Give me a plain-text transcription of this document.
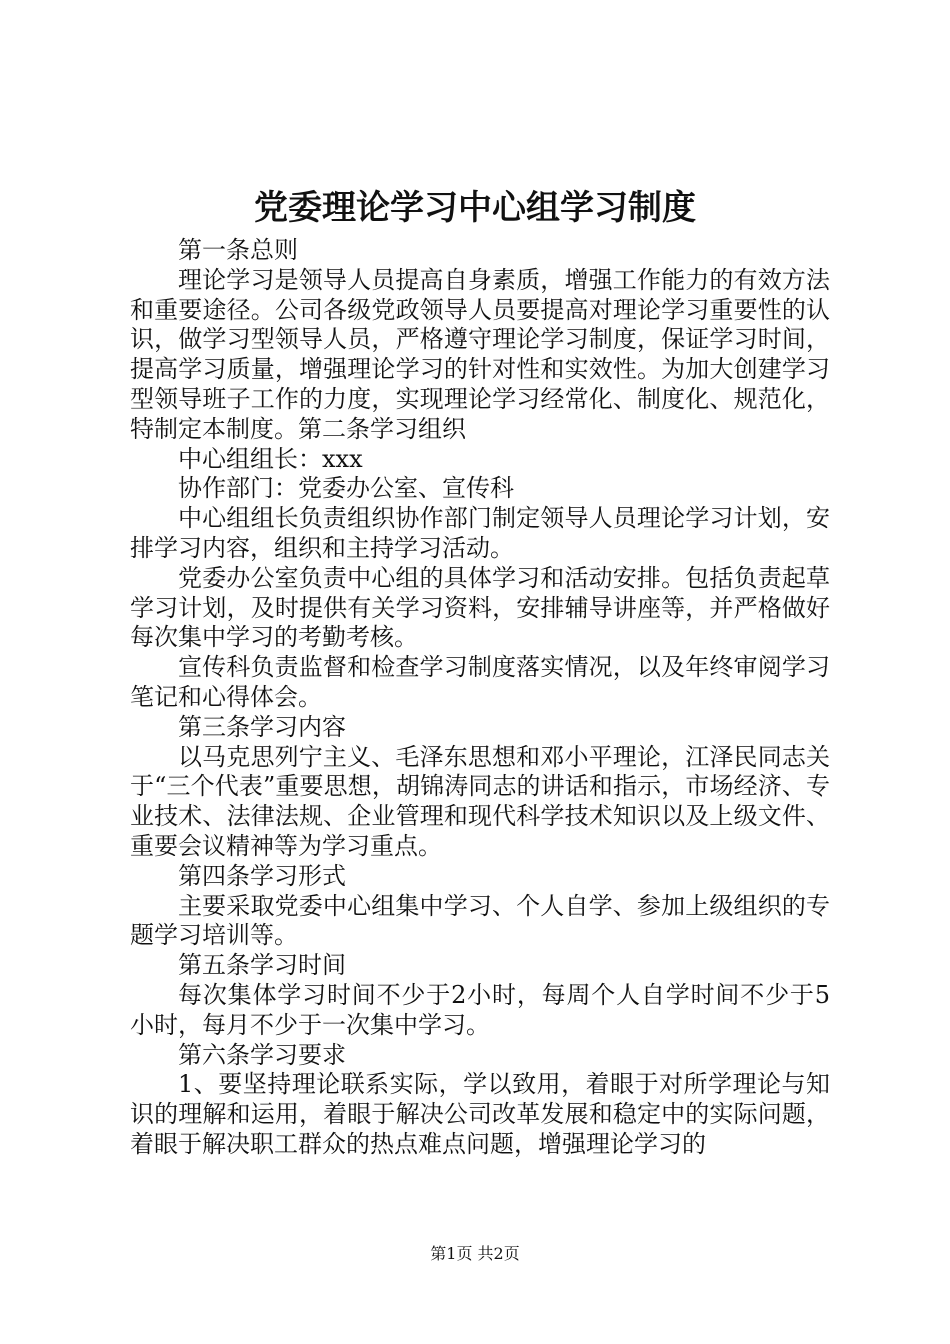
党委理论学习中心组学习制度

第一条总则

理论学习是领导人员提高自身素质，增强工作能力的有效方法和重要途径。公司各级党政领导人员要提高对理论学习重要性的认识，做学习型领导人员，严格遵守理论学习制度，保证学习时间，提高学习质量，增强理论学习的针对性和实效性。为加大创建学习型领导班子工作的力度，实现理论学习经常化、制度化、规范化，特制定本制度。第二条学习组织

中心组组长：xxx

协作部门：党委办公室、宣传科

中心组组长负责组织协作部门制定领导人员理论学习计划，安排学习内容，组织和主持学习活动。

党委办公室负责中心组的具体学习和活动安排。包括负责起草学习计划，及时提供有关学习资料，安排辅导讲座等，并严格做好每次集中学习的考勤考核。

宣传科负责监督和检查学习制度落实情况，以及年终审阅学习笔记和心得体会。

第三条学习内容

以马克思列宁主义、毛泽东思想和邓小平理论，江泽民同志关于“三个代表”重要思想，胡锦涛同志的讲话和指示，市场经济、专业技术、法律法规、企业管理和现代科学技术知识以及上级文件、重要会议精神等为学习重点。

第四条学习形式

主要采取党委中心组集中学习、个人自学、参加上级组织的专题学习培训等。

第五条学习时间

每次集体学习时间不少于2小时，每周个人自学时间不少于5小时，每月不少于一次集中学习。

第六条学习要求

1、要坚持理论联系实际，学以致用，着眼于对所学理论与知识的理解和运用，着眼于解决公司改革发展和稳定中的实际问题，着眼于解决职工群众的热点难点问题，增强理论学习的

第1页 共2页
